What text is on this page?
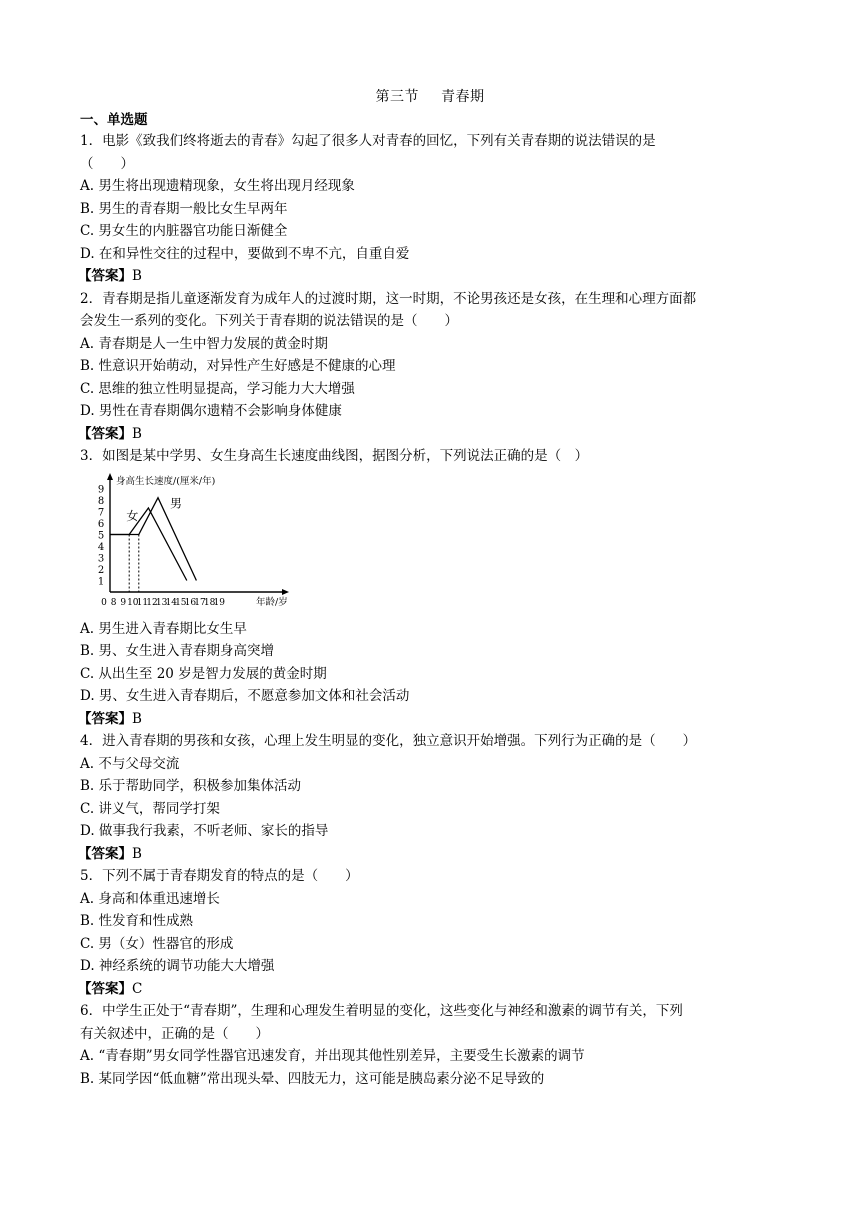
第三节 青春期
一、单选题
1．电影《致我们终将逝去的青春》勾起了很多人对青春的回忆，下列有关青春期的说法错误的是
（　　）
A. 男生将出现遗精现象，女生将出现月经现象
B. 男生的青春期一般比女生早两年
C. 男女生的内脏器官功能日渐健全
D. 在和异性交往的过程中，要做到不卑不亢，自重自爱
【答案】B
2．青春期是指儿童逐渐发育为成年人的过渡时期，这一时期，不论男孩还是女孩，在生理和心理方面都
会发生一系列的变化。下列关于青春期的说法错误的是（　　）
A. 青春期是人一生中智力发展的黄金时期
B. 性意识开始萌动，对异性产生好感是不健康的心理
C. 思维的独立性明显提高，学习能力大大增强
D. 男性在青春期偶尔遗精不会影响身体健康
【答案】B
3．如图是某中学男、女生身高生长速度曲线图，据图分析，下列说法正确的是（　）
1
2
3
4
5
6
7
8
9
0 8 9 10
11
12
13
14
15
16
17
18
19
身高生长速度/(厘米/年)
年龄/岁
女
男
A. 男生进入青春期比女生早
B. 男、女生进入青春期身高突增
C. 从出生至 20 岁是智力发展的黄金时期
D. 男、女生进入青春期后，不愿意参加文体和社会活动
【答案】B
4．进入青春期的男孩和女孩，心理上发生明显的变化，独立意识开始增强。下列行为正确的是（　　）
A. 不与父母交流
B. 乐于帮助同学，积极参加集体活动
C. 讲义气，帮同学打架
D. 做事我行我素，不听老师、家长的指导
【答案】B
5．下列不属于青春期发育的特点的是（　　）
A. 身高和体重迅速增长
B. 性发育和性成熟
C. 男（女）性器官的形成
D. 神经系统的调节功能大大增强
【答案】C
6．中学生正处于“青春期”，生理和心理发生着明显的变化，这些变化与神经和激素的调节有关，下列
有关叙述中，正确的是（　　）
A. “青春期”男女同学性器官迅速发育，并出现其他性别差异，主要受生长激素的调节
B. 某同学因“低血糖”常出现头晕、四肢无力，这可能是胰岛素分泌不足导致的
